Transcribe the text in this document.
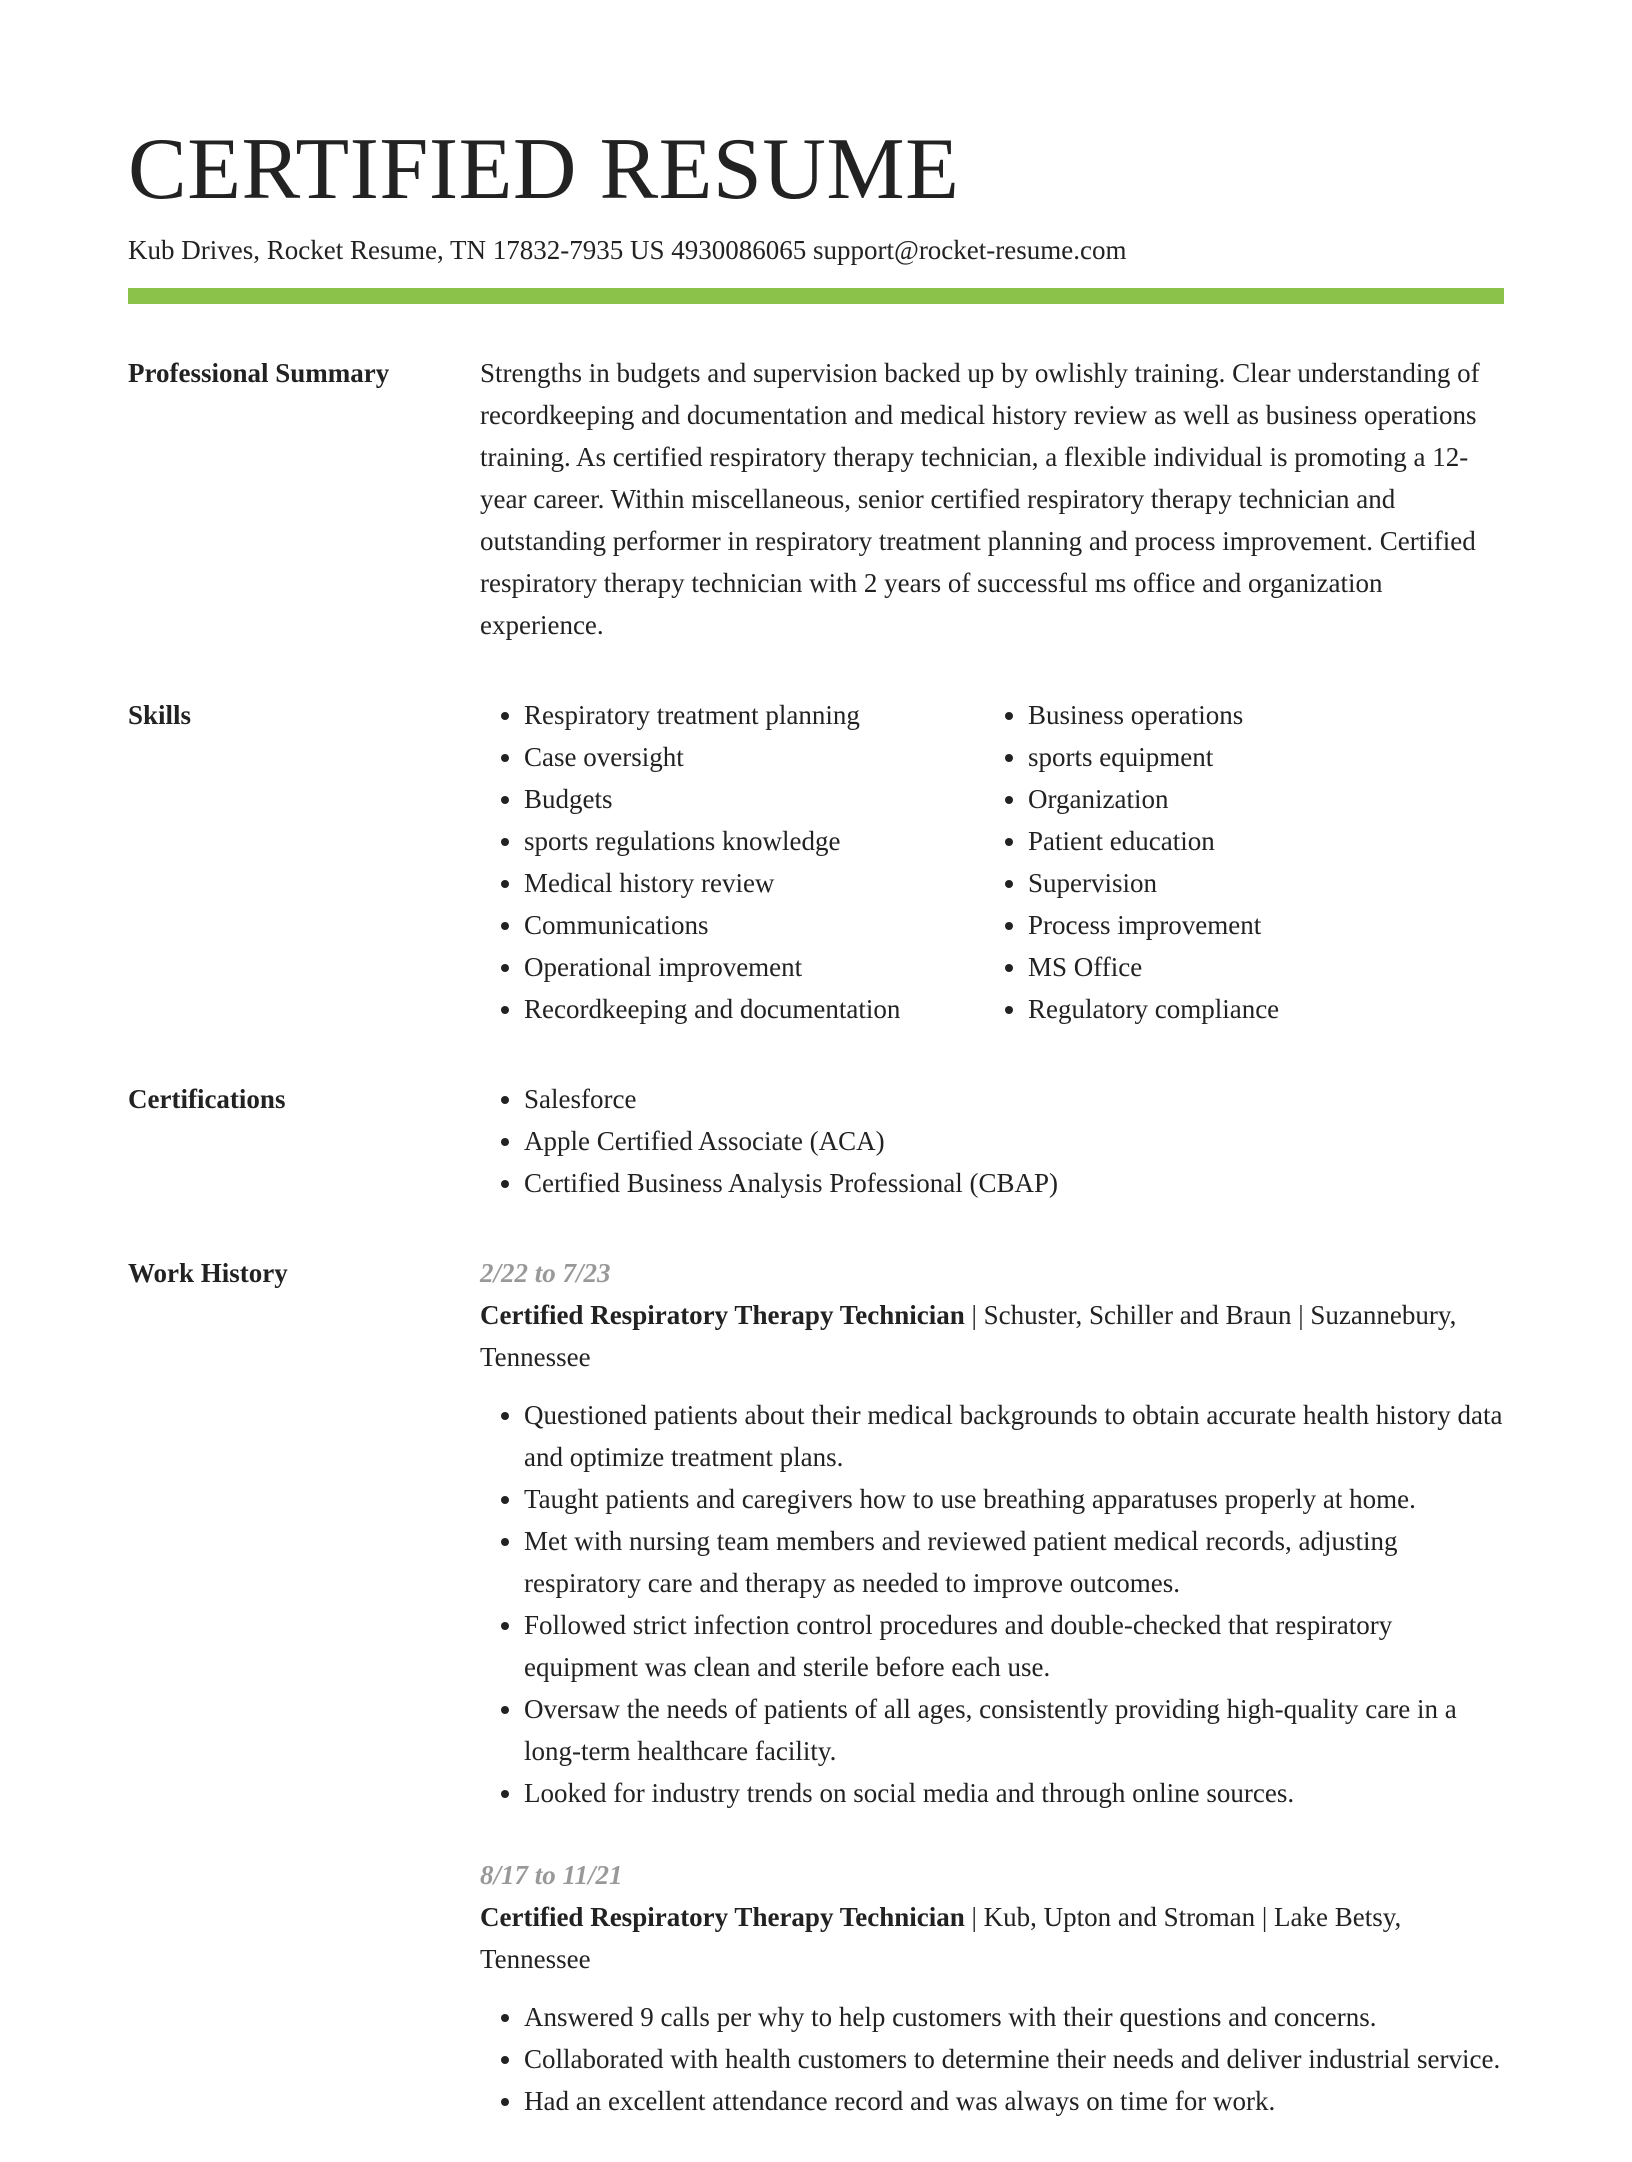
CERTIFIED RESUME
Kub Drives, Rocket Resume, TN 17832-7935 US 4930086065 support@rocket-resume.com
Professional Summary	Strengths in budgets and supervision backed up by owlishly training. Clear understanding of recordkeeping and documentation and medical history review as well as business operations training. As certified respiratory therapy technician, a flexible individual is promoting a 12-year career. Within miscellaneous, senior certified respiratory therapy technician and outstanding performer in respiratory treatment planning and process improvement. Certified respiratory therapy technician with 2 years of successful ms office and organization experience.

Skills	• Respiratory treatment planning
• Case oversight
• Budgets
• sports regulations knowledge
• Medical history review
• Communications
• Operational improvement
• Recordkeeping and documentation
• Business operations
• sports equipment
• Organization
• Patient education
• Supervision
• Process improvement
• MS Office
• Regulatory compliance
Certifications	• Salesforce
• Apple Certified Associate (ACA)
• Certified Business Analysis Professional (CBAP)
Work History	2/22 to 7/23
Certified Respiratory Therapy Technician | Schuster, Schiller and Braun | Suzannebury, Tennessee
• Questioned patients about their medical backgrounds to obtain accurate health history data and optimize treatment plans.
• Taught patients and caregivers how to use breathing apparatuses properly at home.
• Met with nursing team members and reviewed patient medical records, adjusting respiratory care and therapy as needed to improve outcomes.
• Followed strict infection control procedures and double-checked that respiratory equipment was clean and sterile before each use.
• Oversaw the needs of patients of all ages, consistently providing high-quality care in a long-term healthcare facility.
• Looked for industry trends on social media and through online sources.
8/17 to 11/21
Certified Respiratory Therapy Technician | Kub, Upton and Stroman | Lake Betsy, Tennessee
• Answered 9 calls per why to help customers with their questions and concerns.
• Collaborated with health customers to determine their needs and deliver industrial service.
• Had an excellent attendance record and was always on time for work.
